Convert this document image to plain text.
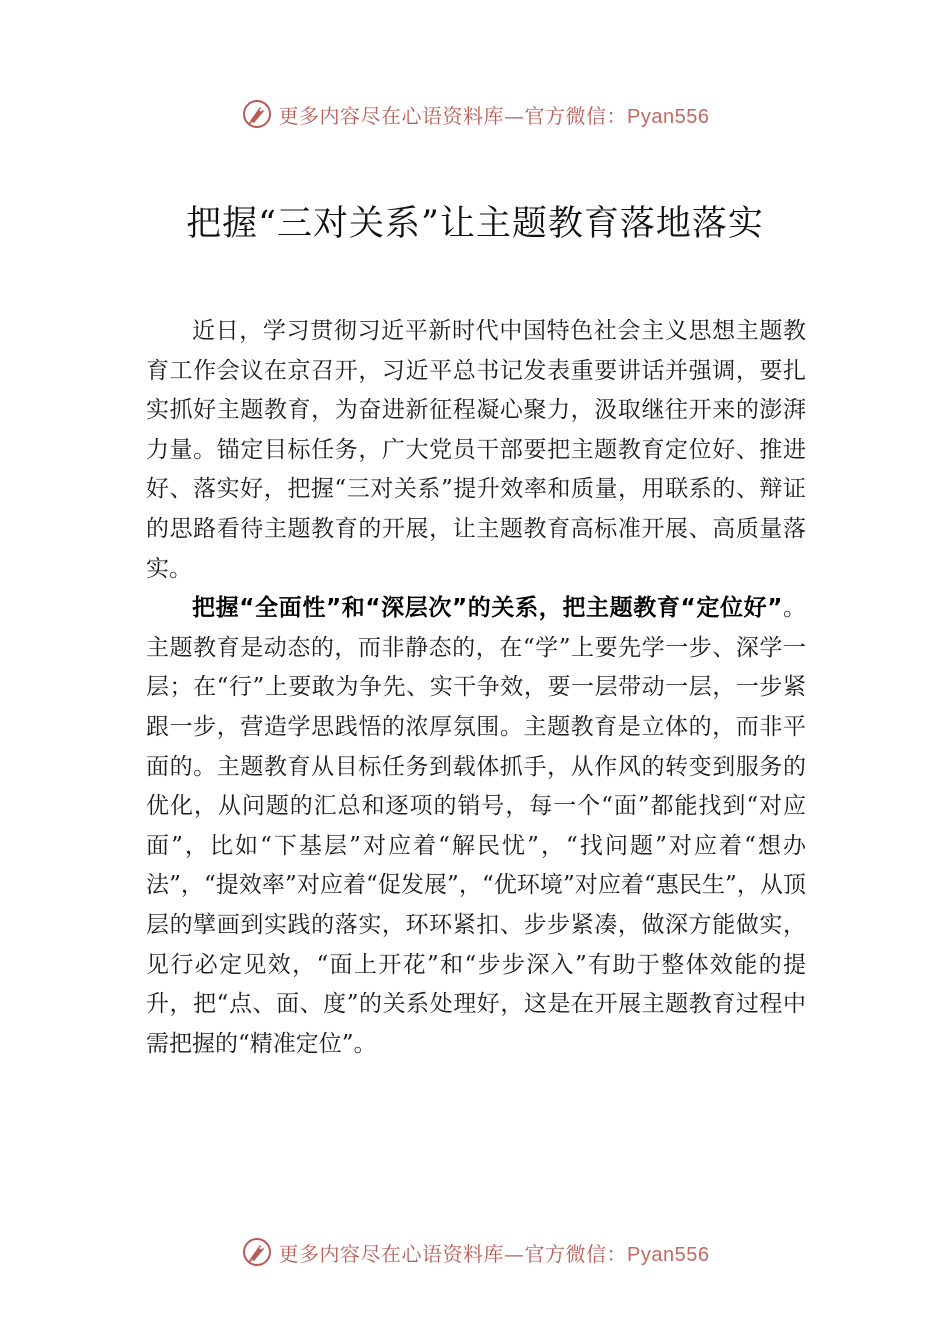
更多内容尽在心语资料库—官方微信：Pyan556
把握“三对关系”让主题教育落地落实

近日，学习贯彻习近平新时代中国特色社会主义思想主题教育工作会议在京召开，习近平总书记发表重要讲话并强调，要扎实抓好主题教育，为奋进新征程凝心聚力，汲取继往开来的澎湃力量。锚定目标任务，广大党员干部要把主题教育定位好、推进好、落实好，把握“三对关系”提升效率和质量，用联系的、辩证的思路看待主题教育的开展，让主题教育高标准开展、高质量落实。

把握“全面性”和“深层次”的关系，把主题教育“定位好”。主题教育是动态的，而非静态的，在“学”上要先学一步、深学一层；在“行”上要敢为争先、实干争效，要一层带动一层，一步紧跟一步，营造学思践悟的浓厚氛围。主题教育是立体的，而非平面的。主题教育从目标任务到载体抓手，从作风的转变到服务的优化，从问题的汇总和逐项的销号，每一个“面”都能找到“对应面”，比如“下基层”对应着“解民忧”，“找问题”对应着“想办法”，“提效率”对应着“促发展”，“优环境”对应着“惠民生”，从顶层的擘画到实践的落实，环环紧扣、步步紧凑，做深方能做实，见行必定见效，“面上开花”和“步步深入”有助于整体效能的提升，把“点、面、度”的关系处理好，这是在开展主题教育过程中需把握的“精准定位”。

更多内容尽在心语资料库—官方微信：Pyan556
